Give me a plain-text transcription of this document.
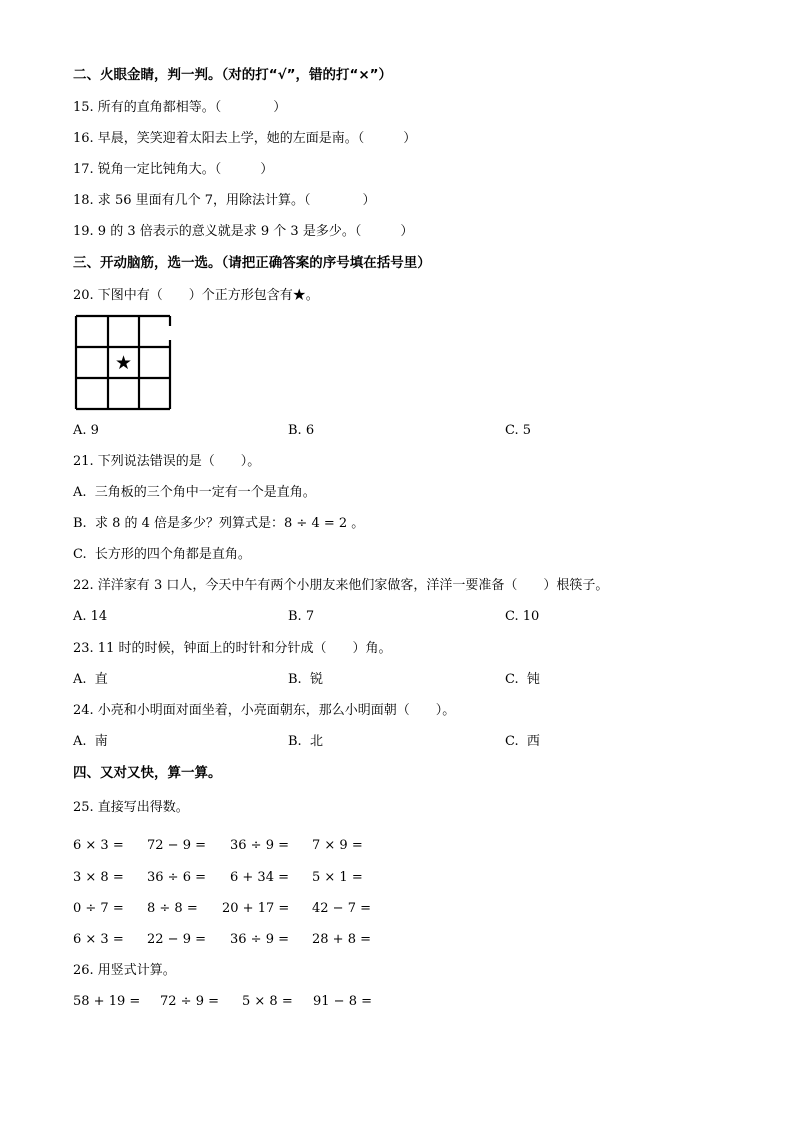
二、火眼金睛，判一判。（对的打“√”，错的打“×”）
15. 所有的直角都相等。（　　　　）
16. 早晨，笑笑迎着太阳去上学，她的左面是南。（　　　）
17. 锐角一定比钝角大。（　　　）
18. 求 56 里面有几个 7，用除法计算。（　　　　）
19. 9 的 3 倍表示的意义就是求 9 个 3 是多少。（　　　）
三、开动脑筋，选一选。（请把正确答案的序号填在括号里）
20. 下图中有（　　）个正方形包含有★。
★
A. 9	B. 6	C. 5
21. 下列说法错误的是（　　）。
A.  三角板的三个角中一定有一个是直角。
B.  求 8 的 4 倍是多少？列算式是：8 ÷ 4 = 2 。
C.  长方形的四个角都是直角。
22. 洋洋家有 3 口人，今天中午有两个小朋友来他们家做客，洋洋一要准备（　　）根筷子。
A. 14	B. 7	C. 10
23. 11 时的时候，钟面上的时针和分针成（　　）角。
A.  直	B.  锐	C.  钝
24. 小亮和小明面对面坐着，小亮面朝东，那么小明面朝（　　）。
A.  南	B.  北	C.  西
四、又对又快，算一算。
25. 直接写出得数。
6 × 3 = 72 − 9 = 36 ÷ 9 = 7 × 9 =
3 × 8 = 36 ÷ 6 = 6 + 34 = 5 × 1 =
0 ÷ 7 = 8 ÷ 8 = 20 + 17 = 42 − 7 =
6 × 3 = 22 − 9 = 36 ÷ 9 = 28 + 8 =
26. 用竖式计算。
58 + 19 = 72 ÷ 9 = 5 × 8 = 91 − 8 =
